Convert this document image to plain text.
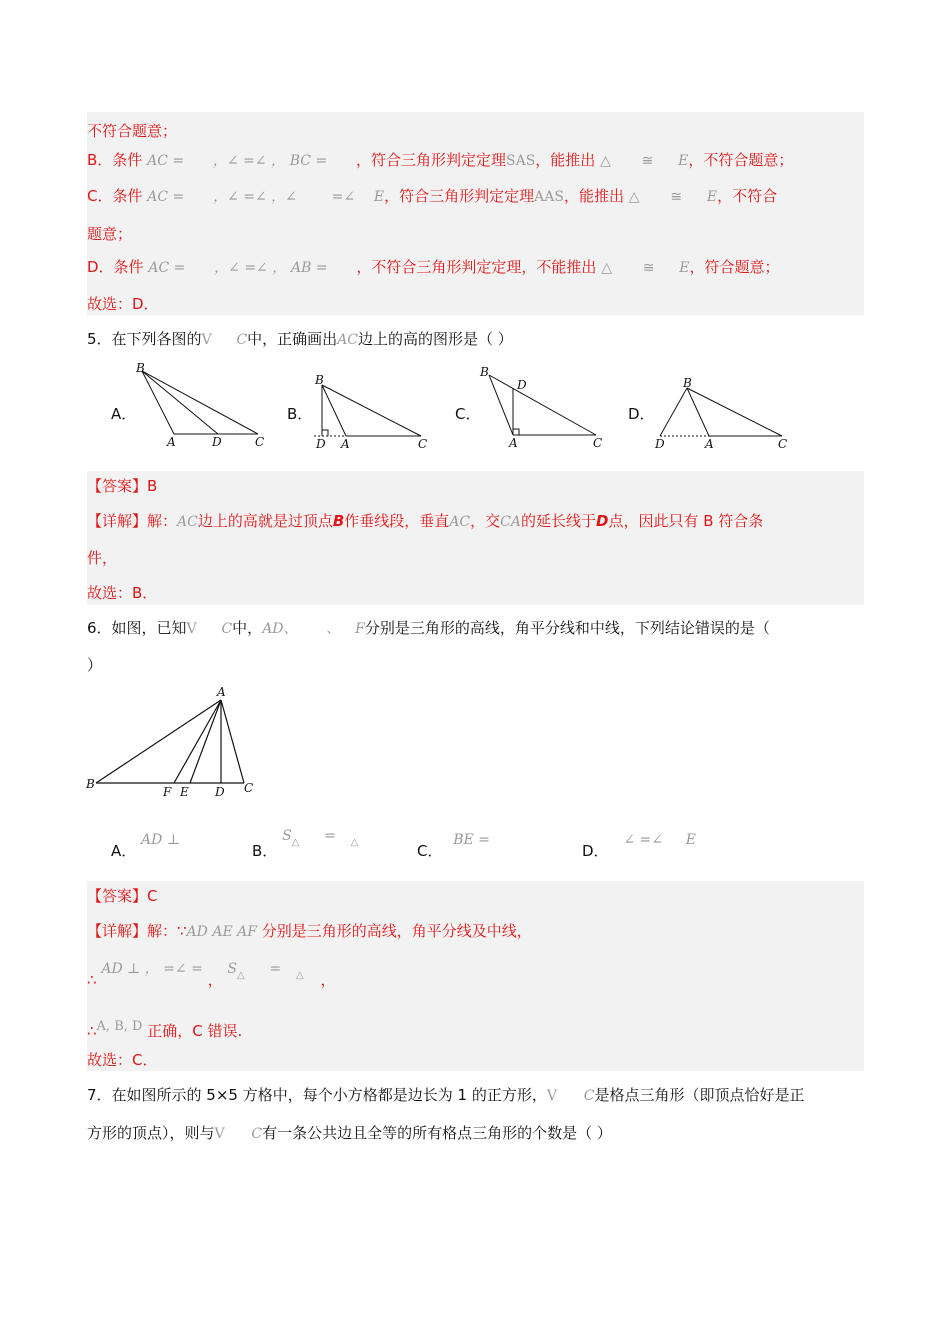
不符合题意；
B．条件 AC = ，∠ =∠ ， BC = ，符合三角形判定定理SAS，能推出 △ ≅ E，不符合题意；
C．条件 AC = ，∠ =∠ ，∠ =∠ E，符合三角形判定定理AAS，能推出 △ ≅ E，不符合
题意；
D．条件 AC = ，∠ =∠ ， AB = ，不符合三角形判定定理，不能推出 △ ≅ E，符合题意；
故选：D．
5．在下列各图的V C中，正确画出AC边上的高的图形是（ ）
A．	B．	C．	D．
B
A	D	C
B
D A	C
B
D
A	C
B
D	A	C
【答案】B
【详解】解：AC边上的高就是过顶点B作垂线段，垂直AC，交CA的延长线于D点，因此只有 B 符合条
件，
故选：B．
6．如图，已知V C中，AD、 、 F分别是三角形的高线，角平分线和中线，下列结论错误的是（
）
A
B
F E D C
A． AD ⊥
B． $S_\triangle = _\triangle$	C． BE =
D． ∠ =∠ E
【答案】C
【详解】解：∵AD AE AF 分别是三角形的高线，角平分线及中线，
∴ AD ⊥ ， =∠ = ， $S_\triangle = _\triangle$ ，
∴A, B, D 正确，C 错误.
故选：C．
7．在如图所示的 5×5 方格中，每个小方格都是边长为 1 的正方形，V C是格点三角形（即顶点恰好是正
方形的顶点），则与V C有一条公共边且全等的所有格点三角形的个数是（ ）
